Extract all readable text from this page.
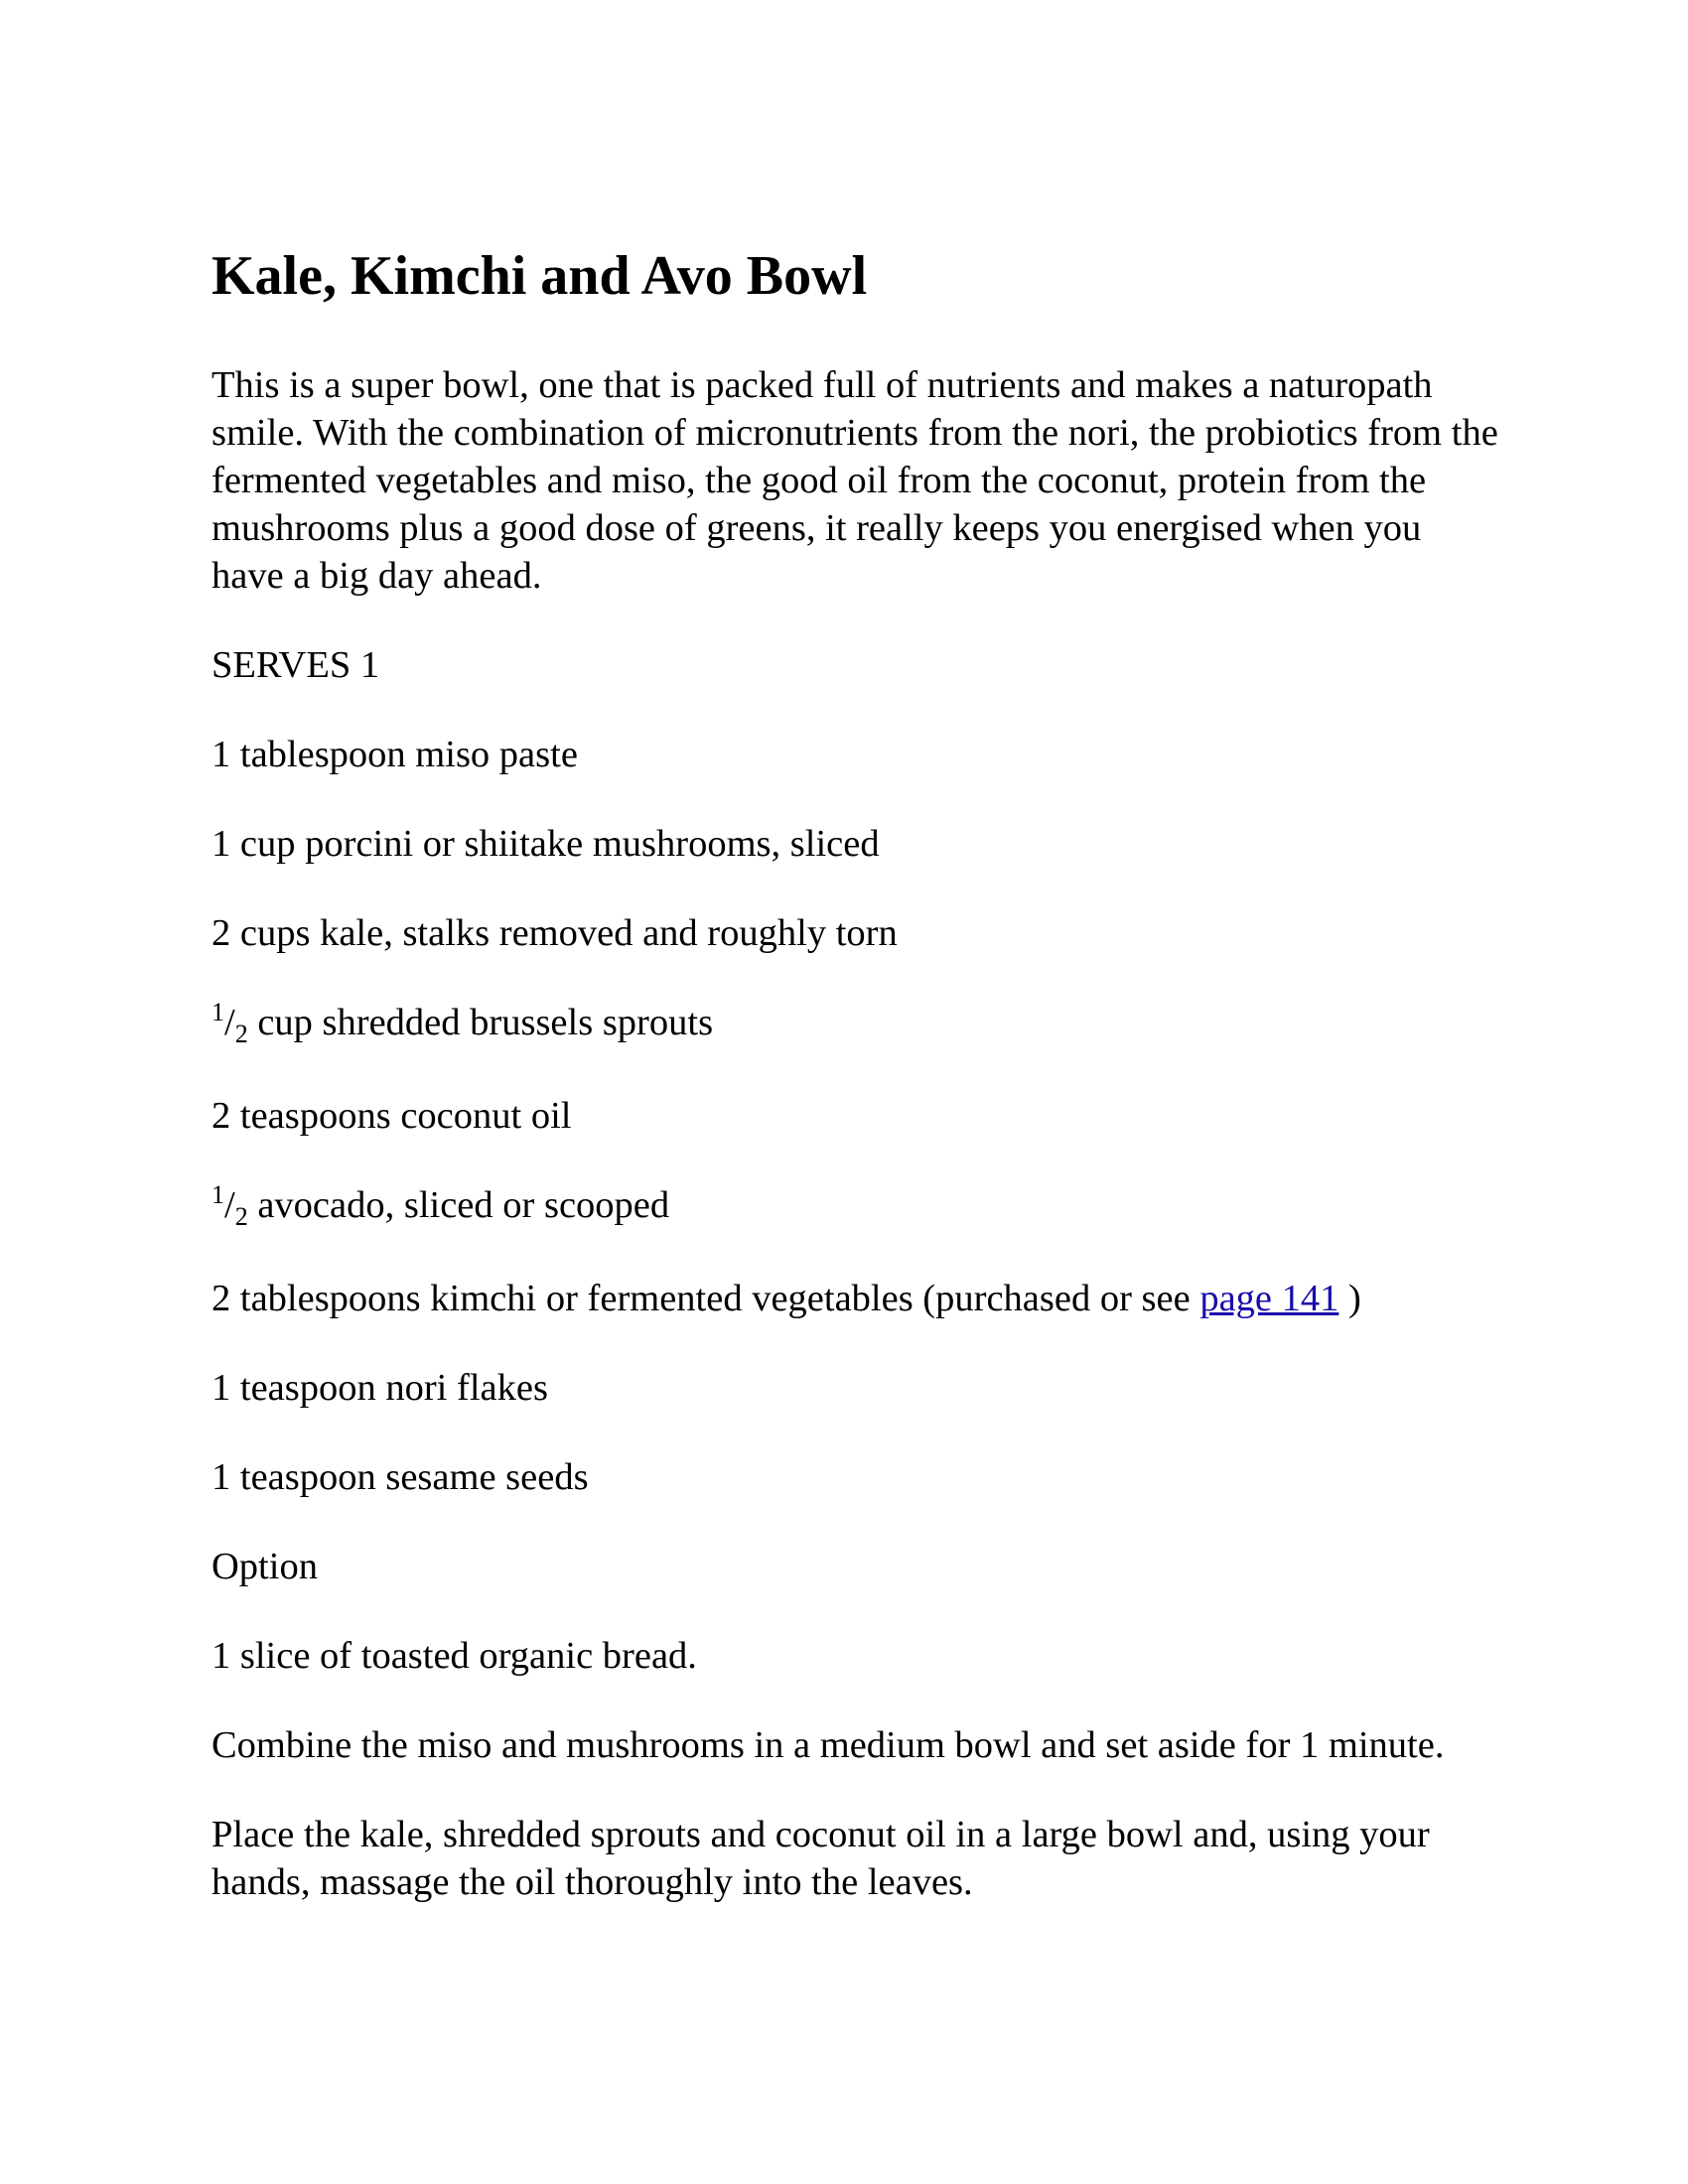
Kale, Kimchi and Avo Bowl

This is a super bowl, one that is packed full of nutrients and makes a naturopath smile. With the combination of micronutrients from the nori, the probiotics from the fermented vegetables and miso, the good oil from the coconut, protein from the mushrooms plus a good dose of greens, it really keeps you energised when you have a big day ahead.

SERVES 1

1 tablespoon miso paste

1 cup porcini or shiitake mushrooms, sliced

2 cups kale, stalks removed and roughly torn

$^1/_2$ cup shredded brussels sprouts

2 teaspoons coconut oil

$^1/_2$ avocado, sliced or scooped

2 tablespoons kimchi or fermented vegetables (purchased or see page 141 )

1 teaspoon nori flakes

1 teaspoon sesame seeds

Option

1 slice of toasted organic bread.

Combine the miso and mushrooms in a medium bowl and set aside for 1 minute.

Place the kale, shredded sprouts and coconut oil in a large bowl and, using your hands, massage the oil thoroughly into the leaves.
